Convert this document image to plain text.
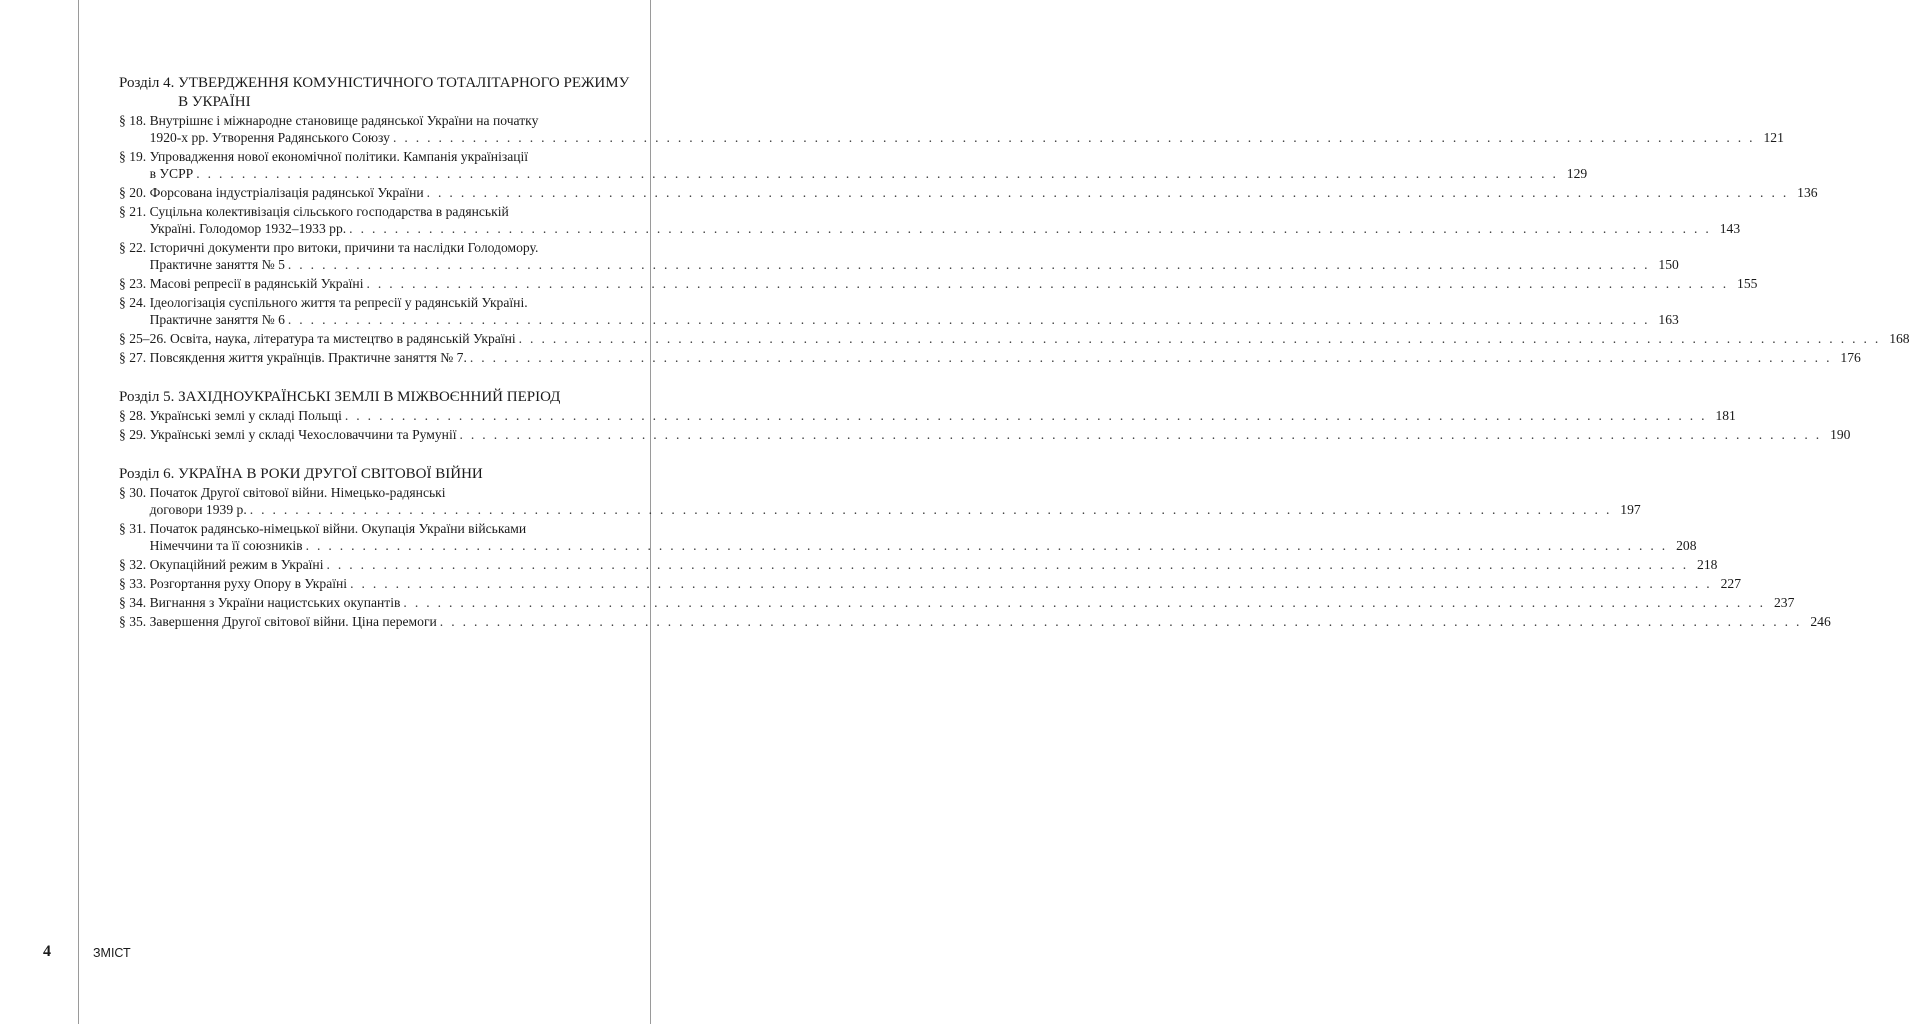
Розділ 4.
УТВЕРДЖЕННЯ КОМУНІСТИЧНОГО ТОТАЛІТАРНОГО РЕЖИМУ В УКРАЇНІ
§ 18.
Внутрішнє і міжнародне становище радянської України на початку
1920-х рр. Утворення Радянського Союзу . . . . . . . . . . . . . . . . . . . . . . . . . . . . . . . . . . . . . . . . . . . . . . . . . . . . . . . . . . . . . . . . . . . . . . . . . . . . . . . . . . . . . . . . . . . . . . . . . . . . . . . . . . . . . . . . . . . . . . . . 121
§ 19.
Упровадження нової економічної політики. Кампанія українізації
в УСРР . . . . . . . . . . . . . . . . . . . . . . . . . . . . . . . . . . . . . . . . . . . . . . . . . . . . . . . . . . . . . . . . . . . . . . . . . . . . . . . . . . . . . . . . . . . . . . . . . . . . . . . . . . . . . . . . . . . . . . . . 129
§ 20.
Форсована індустріалізація радянської України . . . . . . . . . . . . . . . . . . . . . . . . . . . . . . . . . . . . . . . . . . . . . . . . . . . . . . . . . . . . . . . . . . . . . . . . . . . . . . . . . . . . . . . . . . . . . . . . . . . . . . . . . . . . . . . . . . . . . . . . 136
§ 21.
Суцільна колективізація сільського господарства в радянській
Україні. Голодомор 1932–1933 рр. . . . . . . . . . . . . . . . . . . . . . . . . . . . . . . . . . . . . . . . . . . . . . . . . . . . . . . . . . . . . . . . . . . . . . . . . . . . . . . . . . . . . . . . . . . . . . . . . . . . . . . . . . . . . . . . . . . . . . . . . 143
§ 22.
Історичні документи про витоки, причини та наслідки Голодомору.
Практичне заняття № 5 . . . . . . . . . . . . . . . . . . . . . . . . . . . . . . . . . . . . . . . . . . . . . . . . . . . . . . . . . . . . . . . . . . . . . . . . . . . . . . . . . . . . . . . . . . . . . . . . . . . . . . . . . . . . . . . . . . . . . . . . 150
§ 23.
Масові репресії в радянській Україні . . . . . . . . . . . . . . . . . . . . . . . . . . . . . . . . . . . . . . . . . . . . . . . . . . . . . . . . . . . . . . . . . . . . . . . . . . . . . . . . . . . . . . . . . . . . . . . . . . . . . . . . . . . . . . . . . . . . . . . . 155
§ 24.
Ідеологізація суспільного життя та репресії у радянській Україні.
Практичне заняття № 6 . . . . . . . . . . . . . . . . . . . . . . . . . . . . . . . . . . . . . . . . . . . . . . . . . . . . . . . . . . . . . . . . . . . . . . . . . . . . . . . . . . . . . . . . . . . . . . . . . . . . . . . . . . . . . . . . . . . . . . . . 163
§ 25–26.
Освіта, наука, література та мистецтво в радянській Україні . . . . . . . . . . . . . . . . . . . . . . . . . . . . . . . . . . . . . . . . . . . . . . . . . . . . . . . . . . . . . . . . . . . . . . . . . . . . . . . . . . . . . . . . . . . . . . . . . . . . . . . . . . . . . . . . . . . . . . . . 168
§ 27.
Повсякдення життя українців. Практичне заняття № 7. . . . . . . . . . . . . . . . . . . . . . . . . . . . . . . . . . . . . . . . . . . . . . . . . . . . . . . . . . . . . . . . . . . . . . . . . . . . . . . . . . . . . . . . . . . . . . . . . . . . . . . . . . . . . . . . . . . . . . . . . 176
Розділ 5.
ЗАХІДНОУКРАЇНСЬКІ ЗЕМЛІ В МІЖВОЄННИЙ ПЕРІОД
§ 28.
Українські землі у складі Польщі . . . . . . . . . . . . . . . . . . . . . . . . . . . . . . . . . . . . . . . . . . . . . . . . . . . . . . . . . . . . . . . . . . . . . . . . . . . . . . . . . . . . . . . . . . . . . . . . . . . . . . . . . . . . . . . . . . . . . . . . 181
§ 29.
Українські землі у складі Чехословаччини та Румунії . . . . . . . . . . . . . . . . . . . . . . . . . . . . . . . . . . . . . . . . . . . . . . . . . . . . . . . . . . . . . . . . . . . . . . . . . . . . . . . . . . . . . . . . . . . . . . . . . . . . . . . . . . . . . . . . . . . . . . . . 190
Розділ 6.
УКРАЇНА В РОКИ ДРУГОЇ СВІТОВОЇ ВІЙНИ
§ 30.
Початок Другої світової війни. Німецько-радянські
договори 1939 р. . . . . . . . . . . . . . . . . . . . . . . . . . . . . . . . . . . . . . . . . . . . . . . . . . . . . . . . . . . . . . . . . . . . . . . . . . . . . . . . . . . . . . . . . . . . . . . . . . . . . . . . . . . . . . . . . . . . . . . . . 197
§ 31.
Початок радянсько-німецької війни. Окупація України військами
Німеччини та її союзників . . . . . . . . . . . . . . . . . . . . . . . . . . . . . . . . . . . . . . . . . . . . . . . . . . . . . . . . . . . . . . . . . . . . . . . . . . . . . . . . . . . . . . . . . . . . . . . . . . . . . . . . . . . . . . . . . . . . . . . . 208
§ 32.
Окупаційний режим в Україні . . . . . . . . . . . . . . . . . . . . . . . . . . . . . . . . . . . . . . . . . . . . . . . . . . . . . . . . . . . . . . . . . . . . . . . . . . . . . . . . . . . . . . . . . . . . . . . . . . . . . . . . . . . . . . . . . . . . . . . . 218
§ 33.
Розгортання руху Опору в Україні . . . . . . . . . . . . . . . . . . . . . . . . . . . . . . . . . . . . . . . . . . . . . . . . . . . . . . . . . . . . . . . . . . . . . . . . . . . . . . . . . . . . . . . . . . . . . . . . . . . . . . . . . . . . . . . . . . . . . . . . 227
§ 34.
Вигнання з України нацистських окупантів . . . . . . . . . . . . . . . . . . . . . . . . . . . . . . . . . . . . . . . . . . . . . . . . . . . . . . . . . . . . . . . . . . . . . . . . . . . . . . . . . . . . . . . . . . . . . . . . . . . . . . . . . . . . . . . . . . . . . . . . 237
§ 35.
Завершення Другої світової війни. Ціна перемоги . . . . . . . . . . . . . . . . . . . . . . . . . . . . . . . . . . . . . . . . . . . . . . . . . . . . . . . . . . . . . . . . . . . . . . . . . . . . . . . . . . . . . . . . . . . . . . . . . . . . . . . . . . . . . . . . . . . . . . . . 246
4	ЗМІСТ
